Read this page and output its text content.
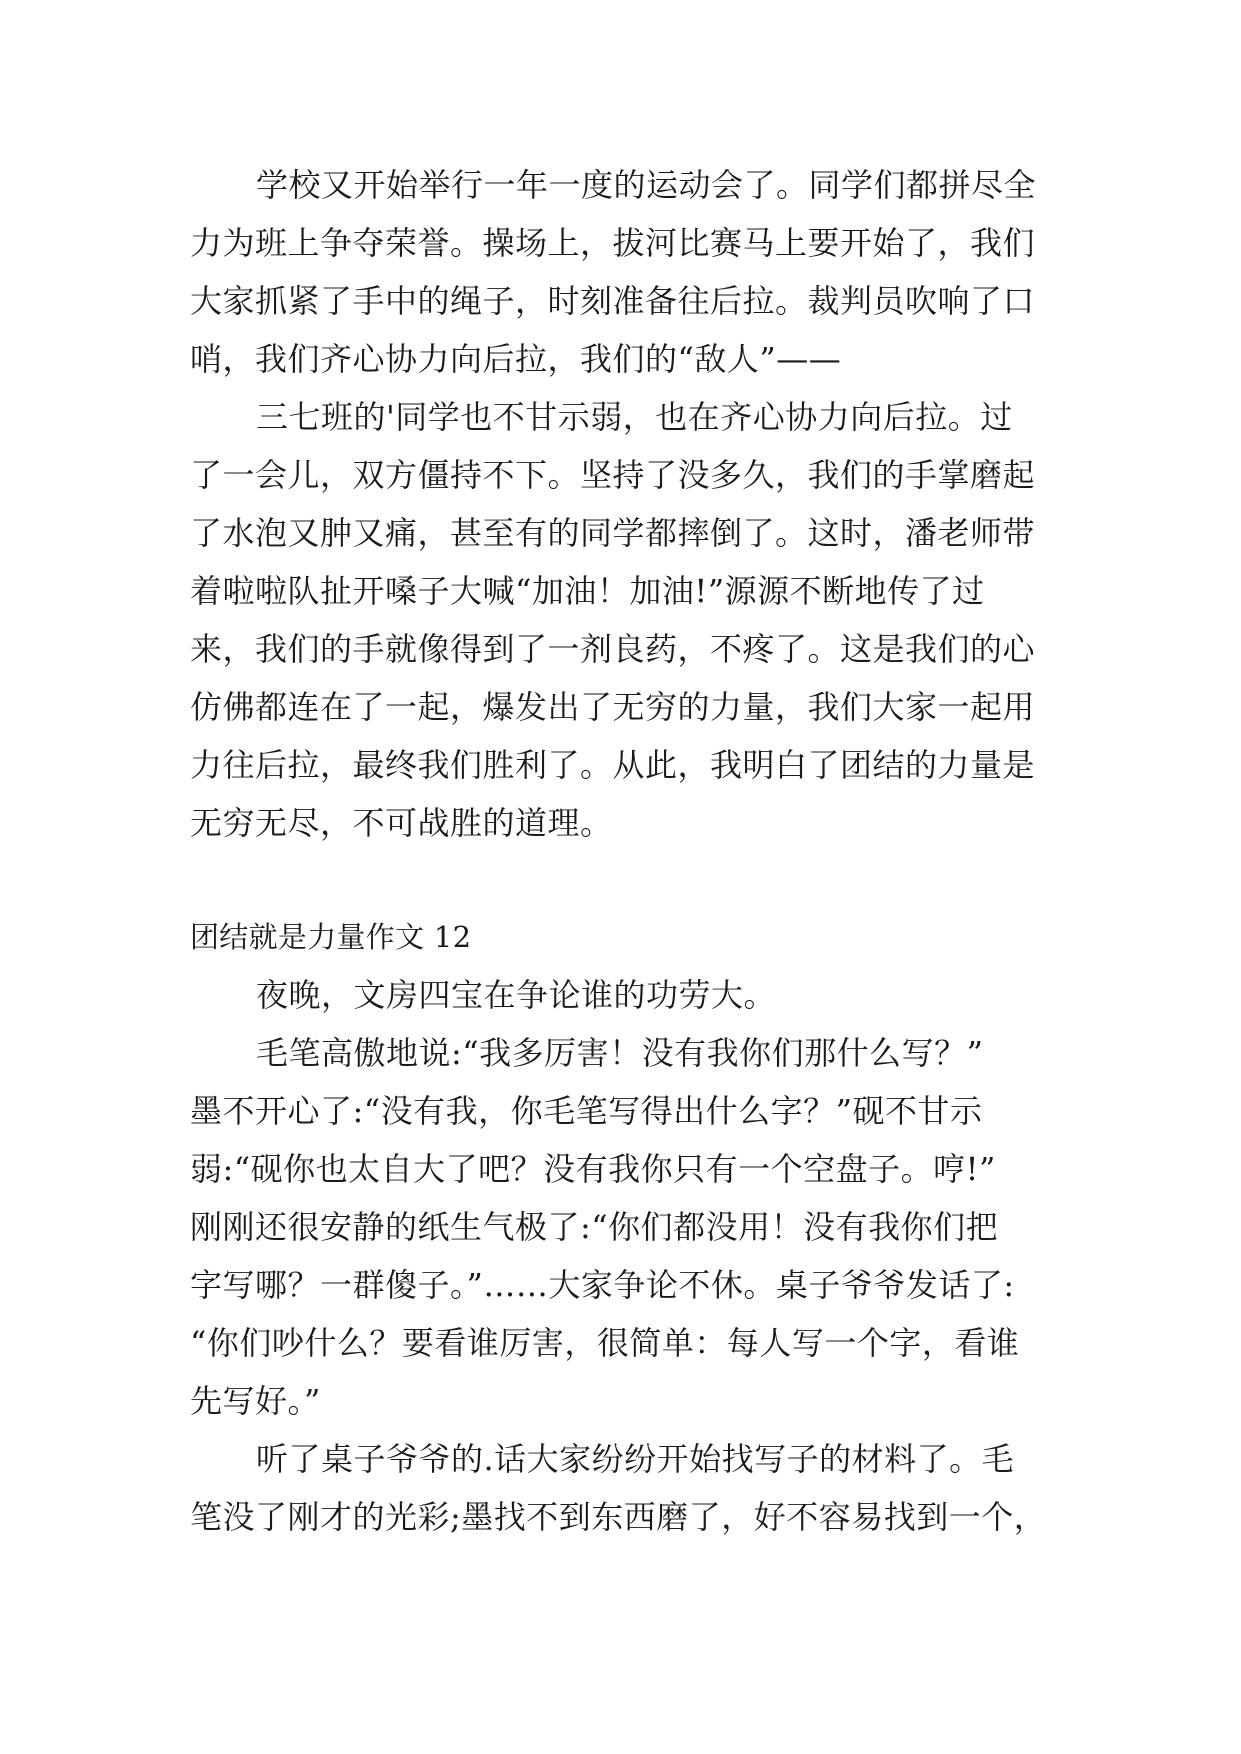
学校又开始举行一年一度的运动会了。同学们都拼尽全
力为班上争夺荣誉。操场上，拔河比赛马上要开始了，我们
大家抓紧了手中的绳子，时刻准备往后拉。裁判员吹响了口
哨，我们齐心协力向后拉，我们的“敌人”——
三七班的'同学也不甘示弱，也在齐心协力向后拉。过
了一会儿，双方僵持不下。坚持了没多久，我们的手掌磨起
了水泡又肿又痛，甚至有的同学都摔倒了。这时，潘老师带
着啦啦队扯开嗓子大喊“加油！加油!”源源不断地传了过
来，我们的手就像得到了一剂良药，不疼了。这是我们的心
仿佛都连在了一起，爆发出了无穷的力量，我们大家一起用
力往后拉，最终我们胜利了。从此，我明白了团结的力量是
无穷无尽，不可战胜的道理。
团结就是力量作文 12
夜晚，文房四宝在争论谁的功劳大。
毛笔高傲地说:“我多厉害！没有我你们那什么写？”
墨不开心了:“没有我，你毛笔写得出什么字？”砚不甘示
弱:“砚你也太自大了吧？没有我你只有一个空盘子。哼!”
刚刚还很安静的纸生气极了:“你们都没用！没有我你们把
字写哪？一群傻子。”……大家争论不休。桌子爷爷发话了:
“你们吵什么？要看谁厉害，很简单：每人写一个字，看谁
先写好。”
听了桌子爷爷的.话大家纷纷开始找写子的材料了。毛
笔没了刚才的光彩;墨找不到东西磨了，好不容易找到一个，
